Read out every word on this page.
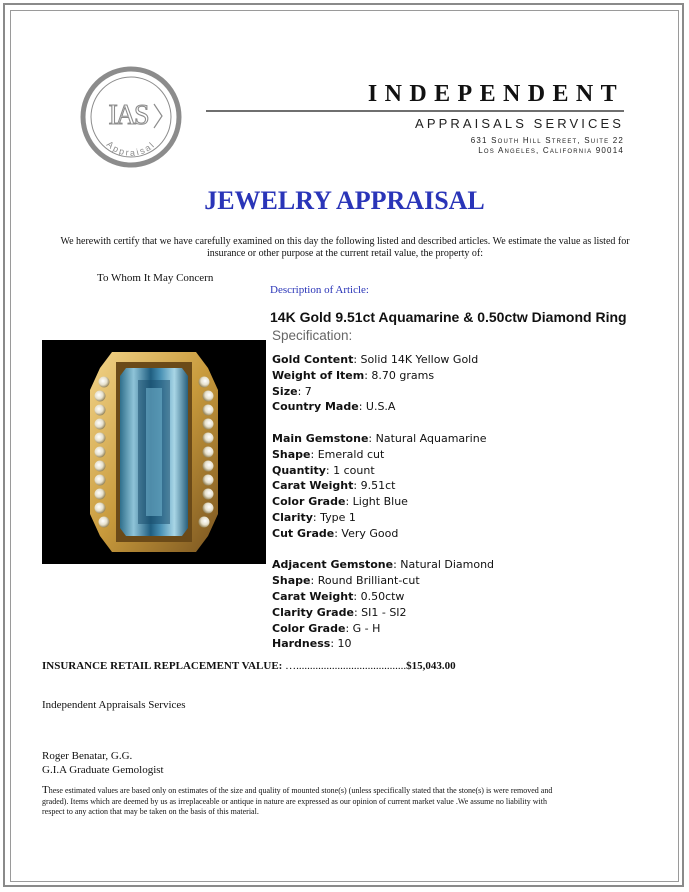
IAS
Appraisal
INDEPENDENT
APPRAISALS SERVICES
631 South Hill Street, Suite 22
Los Angeles, California 90014
JEWELRY APPRAISAL
We herewith certify that we have carefully examined on this day the following listed and described articles. We estimate the value as listed for insurance or other purpose at the current retail value, the property of:
To Whom It May Concern
Description of Article:
14K Gold 9.51ct Aquamarine & 0.50ctw Diamond Ring
Specification:
Gold Content: Solid 14K Yellow Gold
Weight of Item: 8.70 grams
Size: 7
Country Made: U.S.A
Main Gemstone: Natural Aquamarine
Shape: Emerald cut
Quantity: 1 count
Carat Weight: 9.51ct
Color Grade: Light Blue
Clarity: Type 1
Cut Grade: Very Good
Adjacent Gemstone: Natural Diamond
Shape: Round Brilliant-cut
Carat Weight: 0.50ctw
Clarity Grade: SI1 - SI2
Color Grade: G - H
Hardness: 10
INSURANCE RETAIL REPLACEMENT VALUE: …........................................$15,043.00
Independent Appraisals Services
Roger Benatar, G.G.
G.I.A Graduate Gemologist
These estimated values are based only on estimates of the size and quality of mounted stone(s) (unless specifically stated that the stone(s) is were removed and graded). Items which are deemed by us as irreplaceable or antique in nature are expressed as our opinion of current market value .We assume no liability with respect to any action that may be taken on the basis of this material.
